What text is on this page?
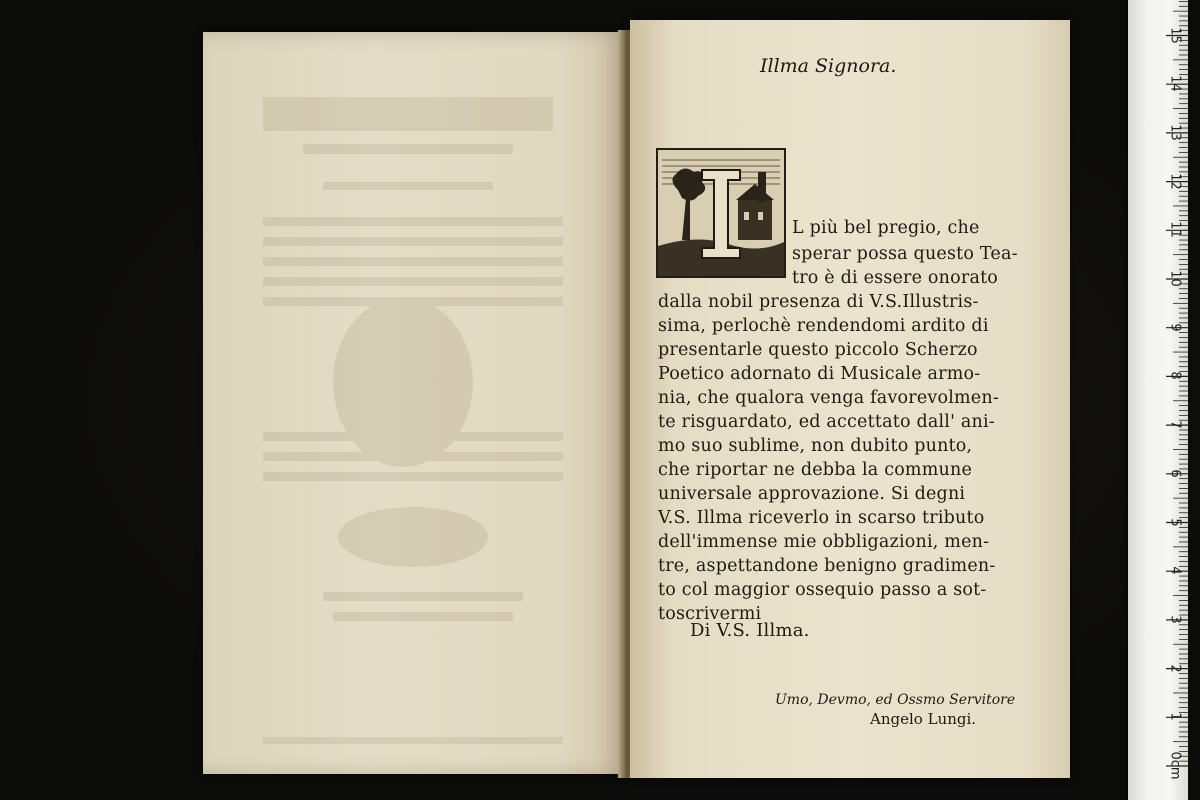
Illma Signora.
L più bel pregio, che
sperar possa questo Tea-
tro è di essere onorato
dalla nobil presenza di V.S.Illustris-
sima, perlochè rendendomi ardito di
presentarle questo piccolo Scherzo
Poetico adornato di Musicale armo-
nia, che qualora venga favorevolmen-
te risguardato, ed accettato dall' ani-
mo suo sublime, non dubito punto,
che riportar ne debba la commune
universale approvazione. Si degni
V.S. Illma riceverlo in scarso tributo
dell'immense mie obbligazioni, men-
tre, aspettandone benigno gradimen-
to col maggior ossequio passo a sot-
toscrivermi
Di V.S. Illma.
Umo, Devmo, ed Ossmo Servitore
Angelo Lungi.
0cm
1
2
3
4
5
6
7
8
9
10
11
12
13
14
15
